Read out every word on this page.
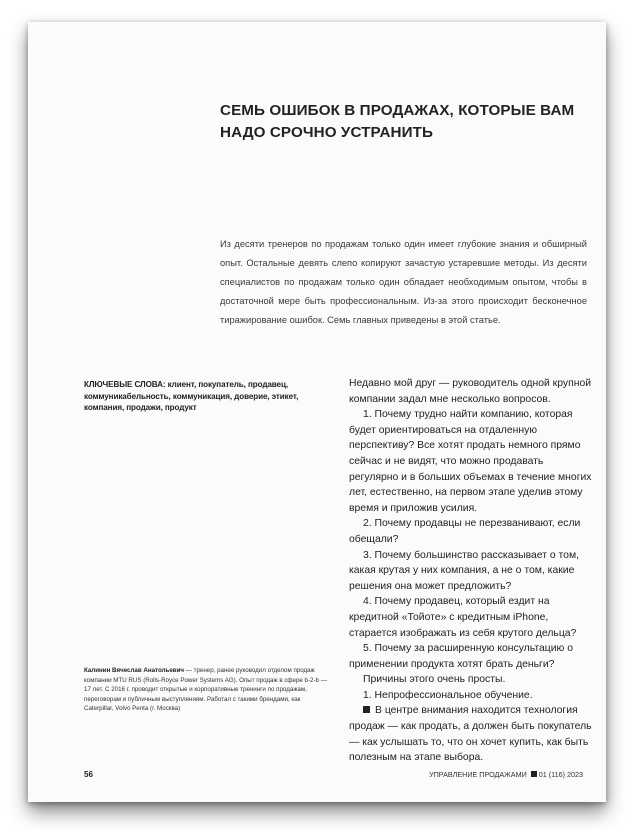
СЕМЬ ОШИБОК В ПРОДАЖАХ, КОТОРЫЕ ВАМ НАДО СРОЧНО УСТРАНИТЬ
Из десяти тренеров по продажам только один имеет глубокие знания и обширный опыт. Остальные девять слепо копируют зачастую устаревшие методы. Из десяти специалистов по продажам только один обладает необходимым опытом, чтобы в достаточной мере быть профессиональным. Из-за этого происходит бесконечное тиражирование ошибок. Семь главных приведены в этой статье.
КЛЮЧЕВЫЕ СЛОВА: клиент, покупатель, продавец, коммуникабельность, коммуникация, доверие, этикет, компания, продажи, продукт

Недавно мой друг — руководитель одной крупной компании задал мне несколько вопросов.

1. Почему трудно найти компанию, которая будет ориентироваться на отдаленную перспективу? Все хотят продать немного прямо сейчас и не видят, что можно продавать регулярно и в больших объемах в течение многих лет, естественно, на первом этапе уделив этому время и приложив усилия.

2. Почему продавцы не перезванивают, если обещали?

3. Почему большинство рассказывает о том, какая крутая у них компания, а не о том, какие решения она может предложить?

4. Почему продавец, который ездит на кредитной «Тойоте» с кредитным iPhone, старается изображать из себя крутого дельца?

5. Почему за расширенную консультацию о применении продукта хотят брать деньги?

Причины этого очень просты.

1. Непрофессиональное обучение.

В центре внимания находится технология продаж — как продать, а должен быть покупатель — как услышать то, что он хочет купить, как быть полезным на этапе выбора.

Калинин Вячеслав Анатольевич — тренер, ранее руководил отделом продаж компании MTU RUS (Rolls-Royce Power Systems AG). Опыт продаж в сфере b-2-b — 17 лет. С 2016 г. проводит открытые и корпоративные тренинги по продажам, переговорам и публичным выступлениям. Работал с такими брендами, как Caterpillar, Volvo Penta (г. Москва)
56	УПРАВЛЕНИЕ ПРОДАЖАМИ 01 (116) 2023
